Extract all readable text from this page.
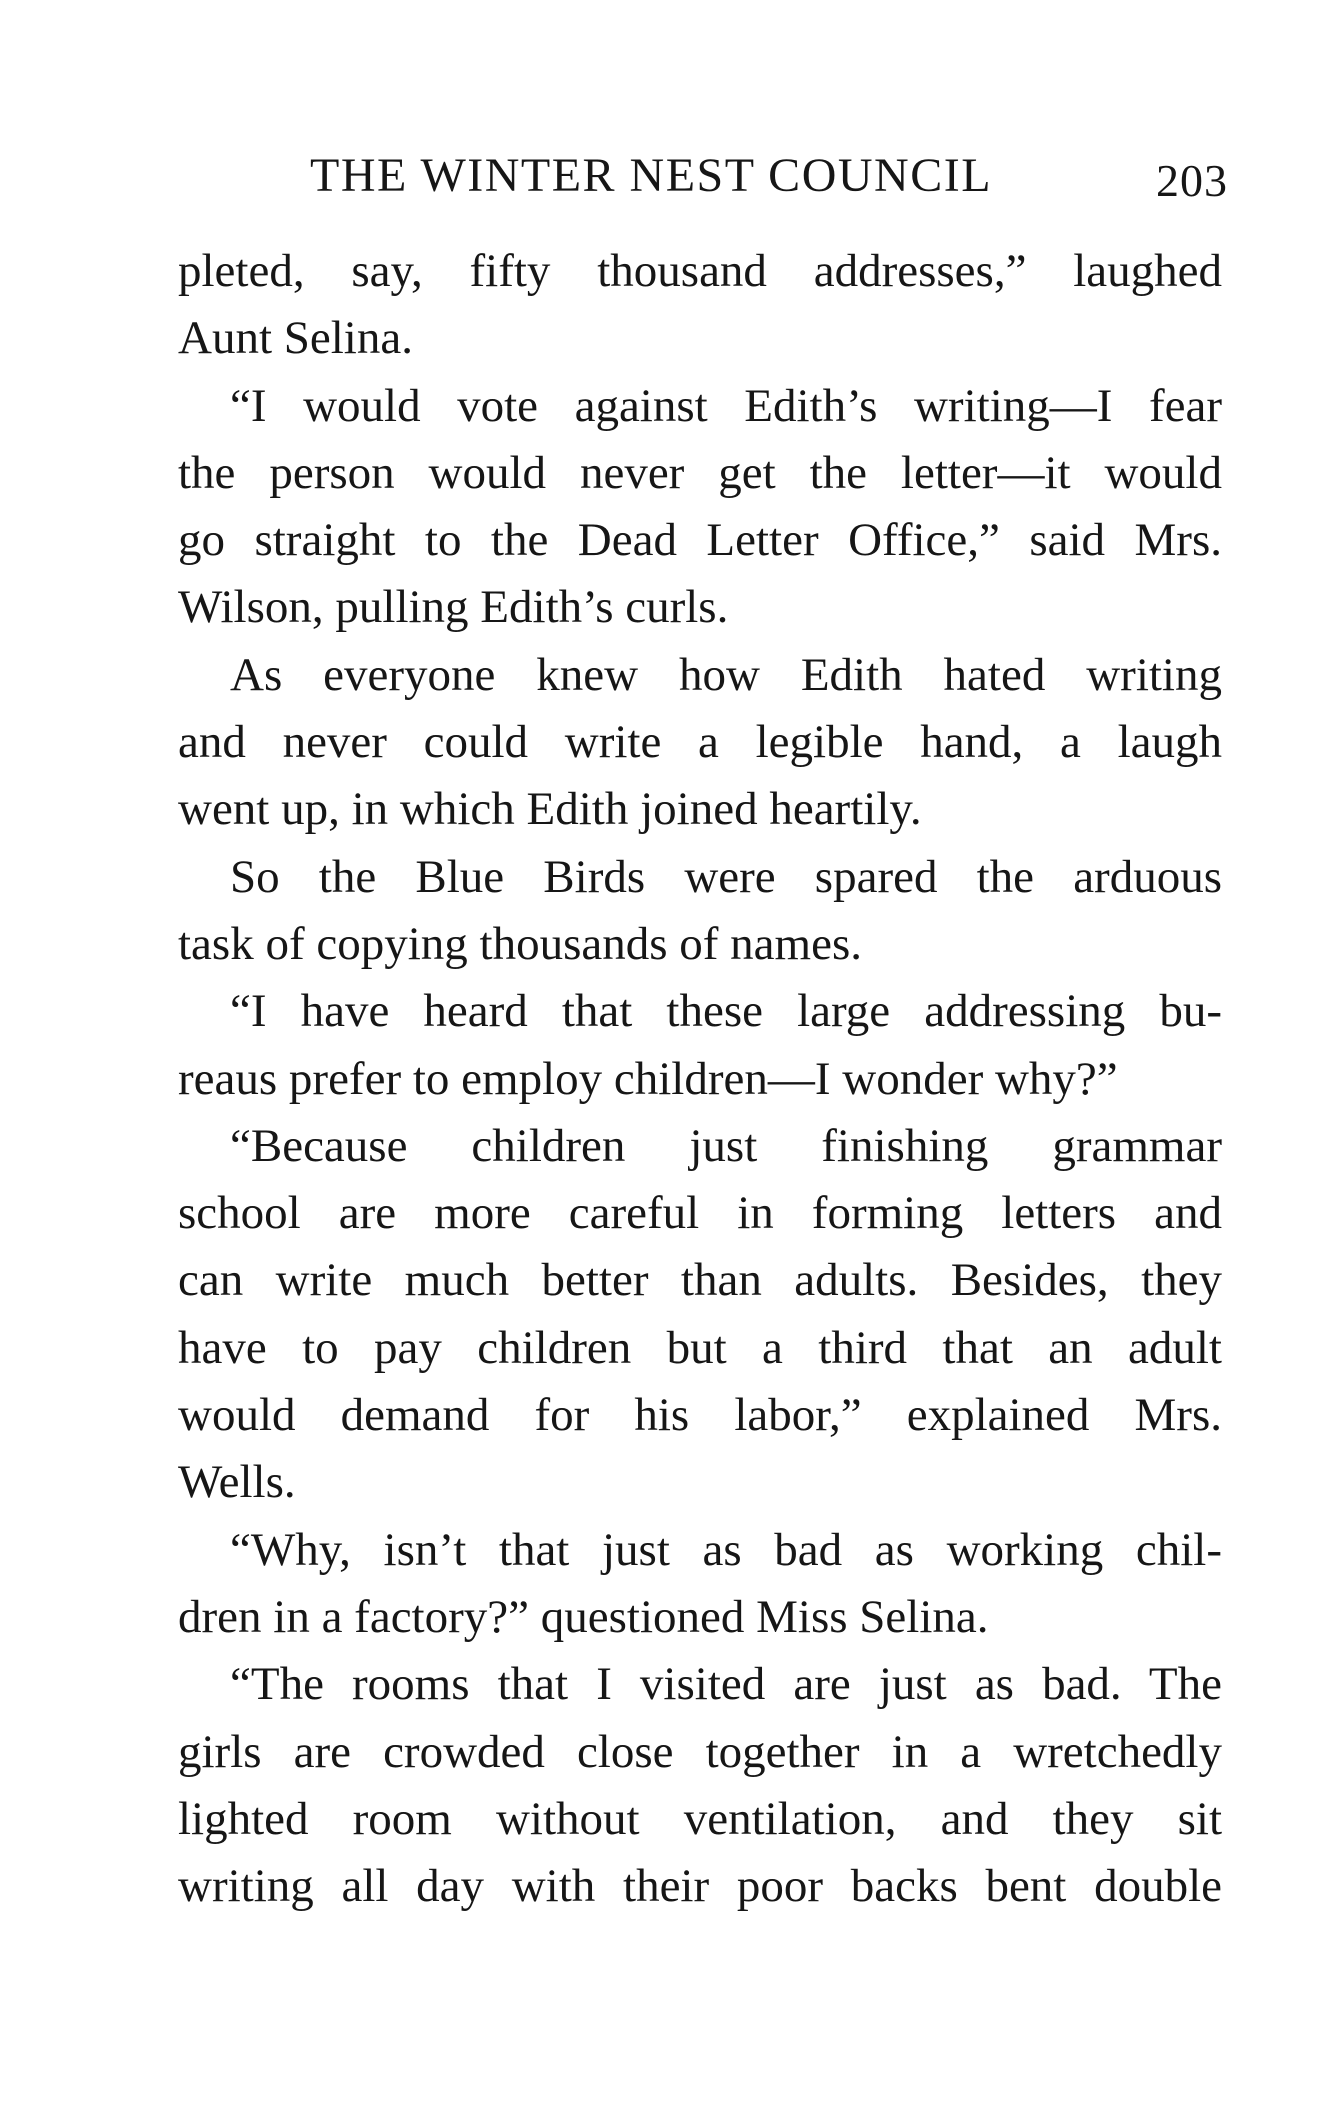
THE WINTER NEST COUNCIL	203
pleted, say, fifty thousand addresses,” laughed
Aunt Selina.
“I would vote against Edith’s writing—I fear
the person would never get the letter—it would
go straight to the Dead Letter Office,” said Mrs.
Wilson, pulling Edith’s curls.
As everyone knew how Edith hated writing
and never could write a legible hand, a laugh
went up, in which Edith joined heartily.
So the Blue Birds were spared the arduous
task of copying thousands of names.
“I have heard that these large addressing bu-
reaus prefer to employ children—I wonder why?”
“Because children just finishing grammar
school are more careful in forming letters and
can write much better than adults. Besides, they
have to pay children but a third that an adult
would demand for his labor,” explained Mrs.
Wells.
“Why, isn’t that just as bad as working chil-
dren in a factory?” questioned Miss Selina.
“The rooms that I visited are just as bad. The
girls are crowded close together in a wretchedly
lighted room without ventilation, and they sit
writing all day with their poor backs bent double
